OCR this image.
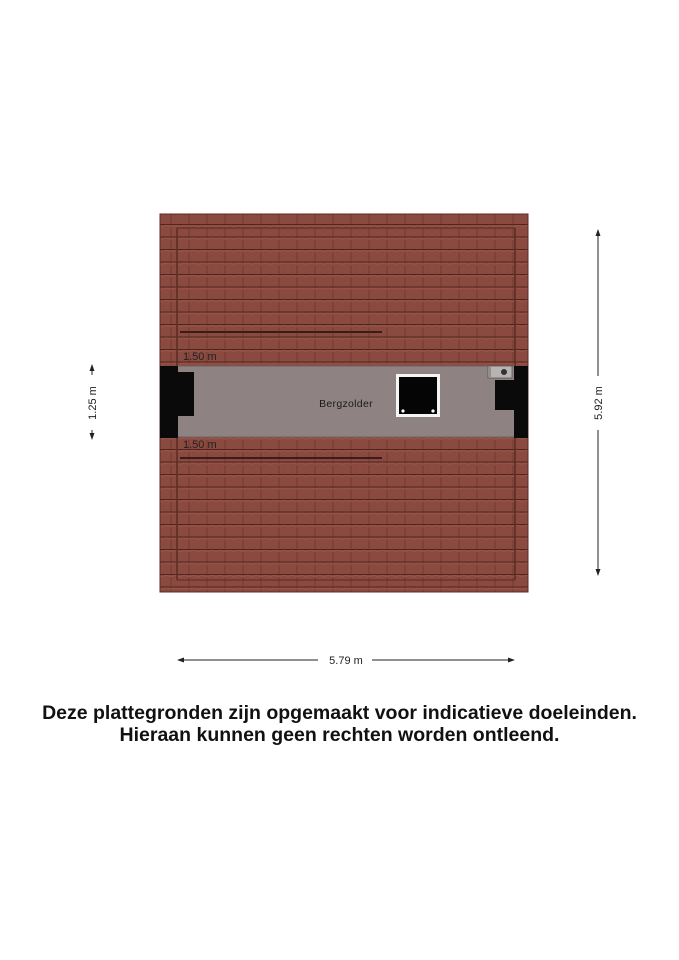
Bergzolder
1.50 m
1.50 m
1.25 m	5.92 m
5.79 m
Deze plattegronden zijn opgemaakt voor indicatieve doeleinden.
Hieraan kunnen geen rechten worden ontleend.
